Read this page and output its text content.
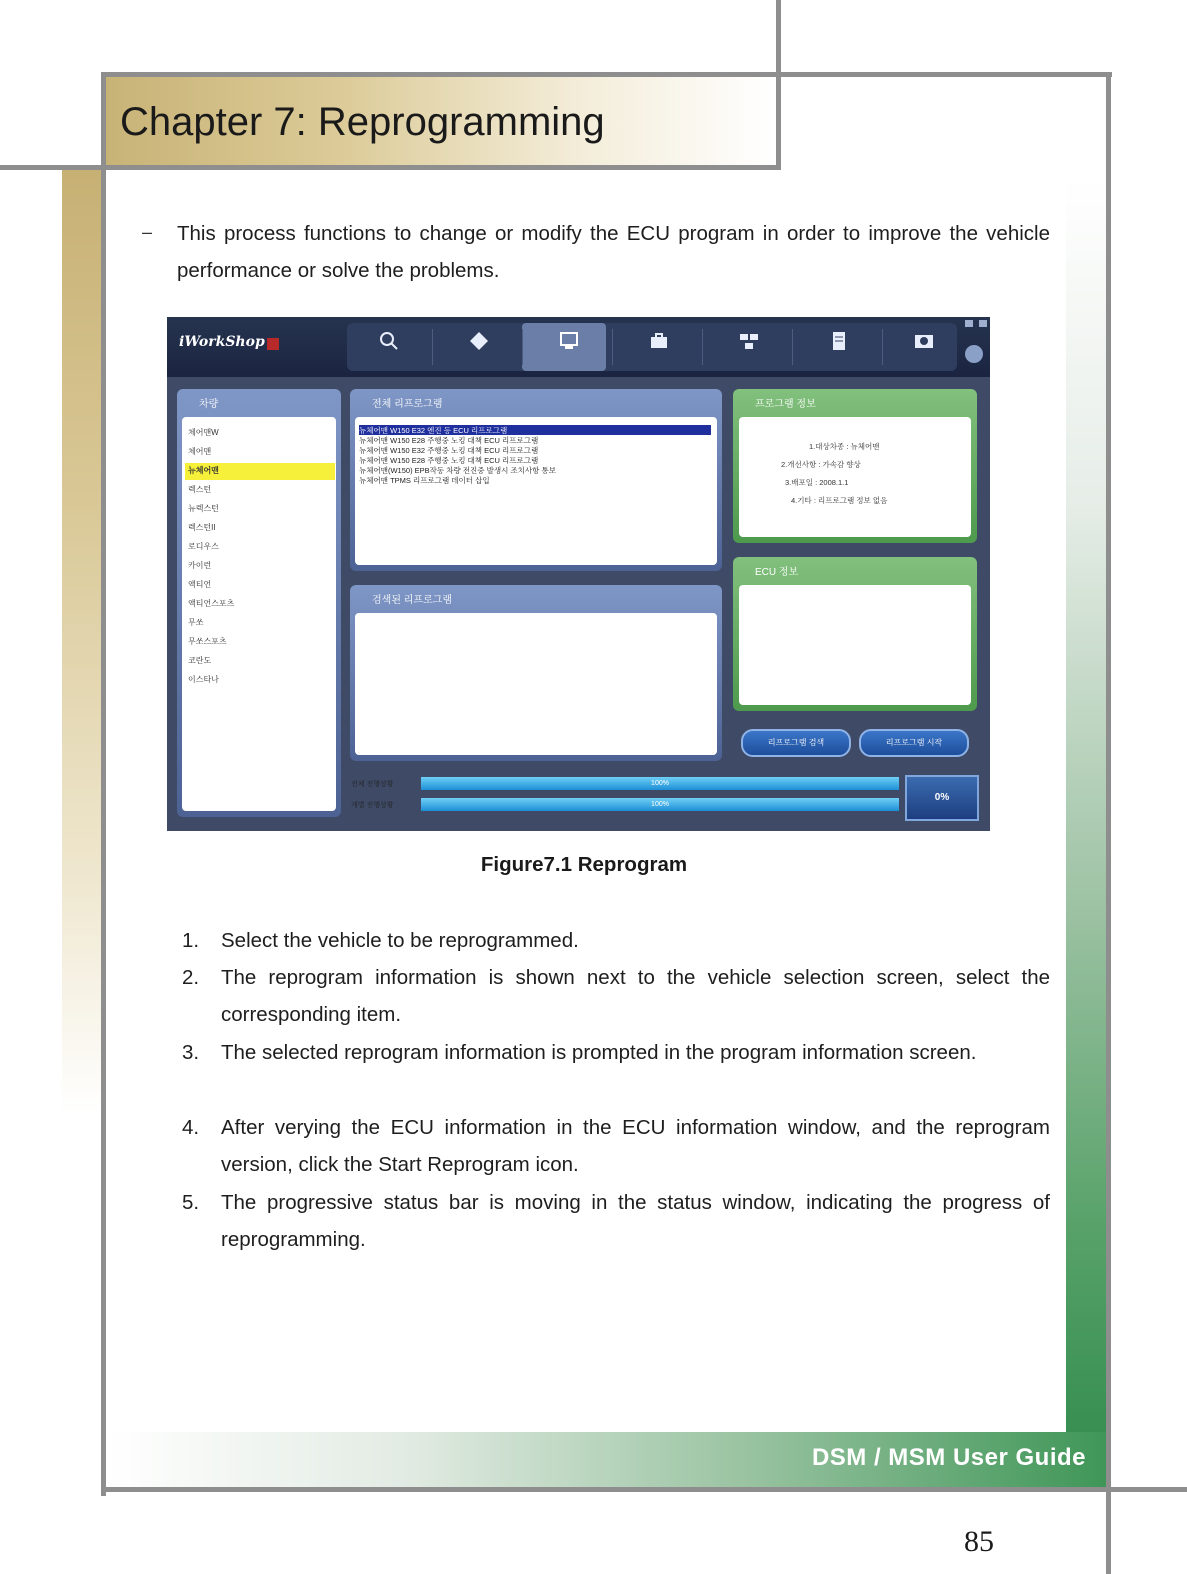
Chapter 7: Reprogramming
– This process functions to change or modify the ECU program in order to improve the vehicle performance or solve the problems.
iWorkShop
차량
체어맨W
체어맨
뉴체어맨
렉스턴
뉴렉스턴
렉스턴II
로디우스
카이런
액티언
액티언스포츠
무쏘
무쏘스포츠
코란도
이스타나
전체 리프로그램
뉴체어맨 W150 E32 엔진 등 ECU 리프로그램
뉴체어맨 W150 E28 주행중 노킹 대책 ECU 리프로그램
뉴체어맨 W150 E32 주행중 노킹 대책 ECU 리프로그램
뉴체어맨 W150 E28 주행중 노킹 대책 ECU 리프로그램
뉴체어맨(W150) EPB작동 차량 전진중 발생시 조치사항 통보
뉴체어맨 TPMS 리프로그램 데이터 삽입
검색된 리프로그램
프로그램 정보
1.대상차종 : 뉴체어맨
2.개선사항 : 가속감 향상
3.배포일 : 2008.1.1
4.기타 : 리프로그램 정보 없음
ECU 정보
리프로그램 검색	리프로그램 시작
전체 진행상황	100%
개별 진행상황	100%
0%
Figure7.1 Reprogram
1. Select the vehicle to be reprogrammed.
2. The reprogram information is shown next to the vehicle selection screen, select the corresponding item.
3. The selected reprogram information is prompted in the program information screen.
4. After verying the ECU information in the ECU information window, and the reprogram version, click the Start Reprogram icon.
5. The progressive status bar is moving in the status window, indicating the progress of reprogramming.
DSM / MSM User Guide
85
